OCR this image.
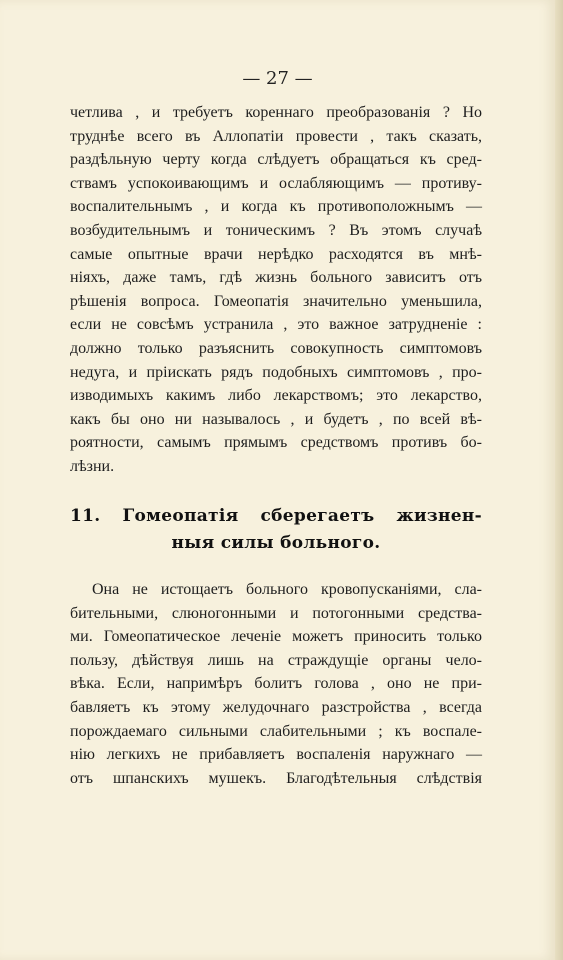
— 27 —
четлива , и требуетъ кореннаго преобразованія ? Но
труднѣе всего въ Аллопатіи провести , такъ сказать,
раздѣльную черту когда слѣдуетъ обращаться къ сред-
ствамъ успокоивающимъ и ослабляющимъ — противу-
воспалительнымъ , и когда къ противоположнымъ —
возбудительнымъ и тоническимъ ? Въ этомъ случаѣ
самые опытные врачи нерѣдко расходятся въ мнѣ-
ніяхъ, даже тамъ, гдѣ жизнь больного зависитъ отъ
рѣшенія вопроса. Гомеопатія значительно уменьшила,
если не совсѣмъ устранила , это важное затрудненіе :
должно только разъяснить совокупность симптомовъ
недуга, и пріискать рядъ подобныхъ симптомовъ , про-
изводимыхъ какимъ либо лекарствомъ; это лекарство,
какъ бы оно ни называлось , и будетъ , по всей вѣ-
роятности, самымъ прямымъ средствомъ противъ бо-
лѣзни.
11. Гомеопатія сберегаетъ жизнен-
ныя силы больного.
Она не истощаетъ больного кровопусканіями, сла-
бительными, слюногонными и потогонными средства-
ми. Гомеопатическое леченіе можетъ приносить только
пользу, дѣйствуя лишь на страждущіе органы чело-
вѣка. Если, напримѣръ болитъ голова , оно не при-
бавляетъ къ этому желудочнаго разстройства , всегда
порождаемаго сильными слабительными ; къ воспале-
нію легкихъ не прибавляетъ воспаленія наружнаго —
отъ шпанскихъ мушекъ. Благодѣтельныя слѣдствія
